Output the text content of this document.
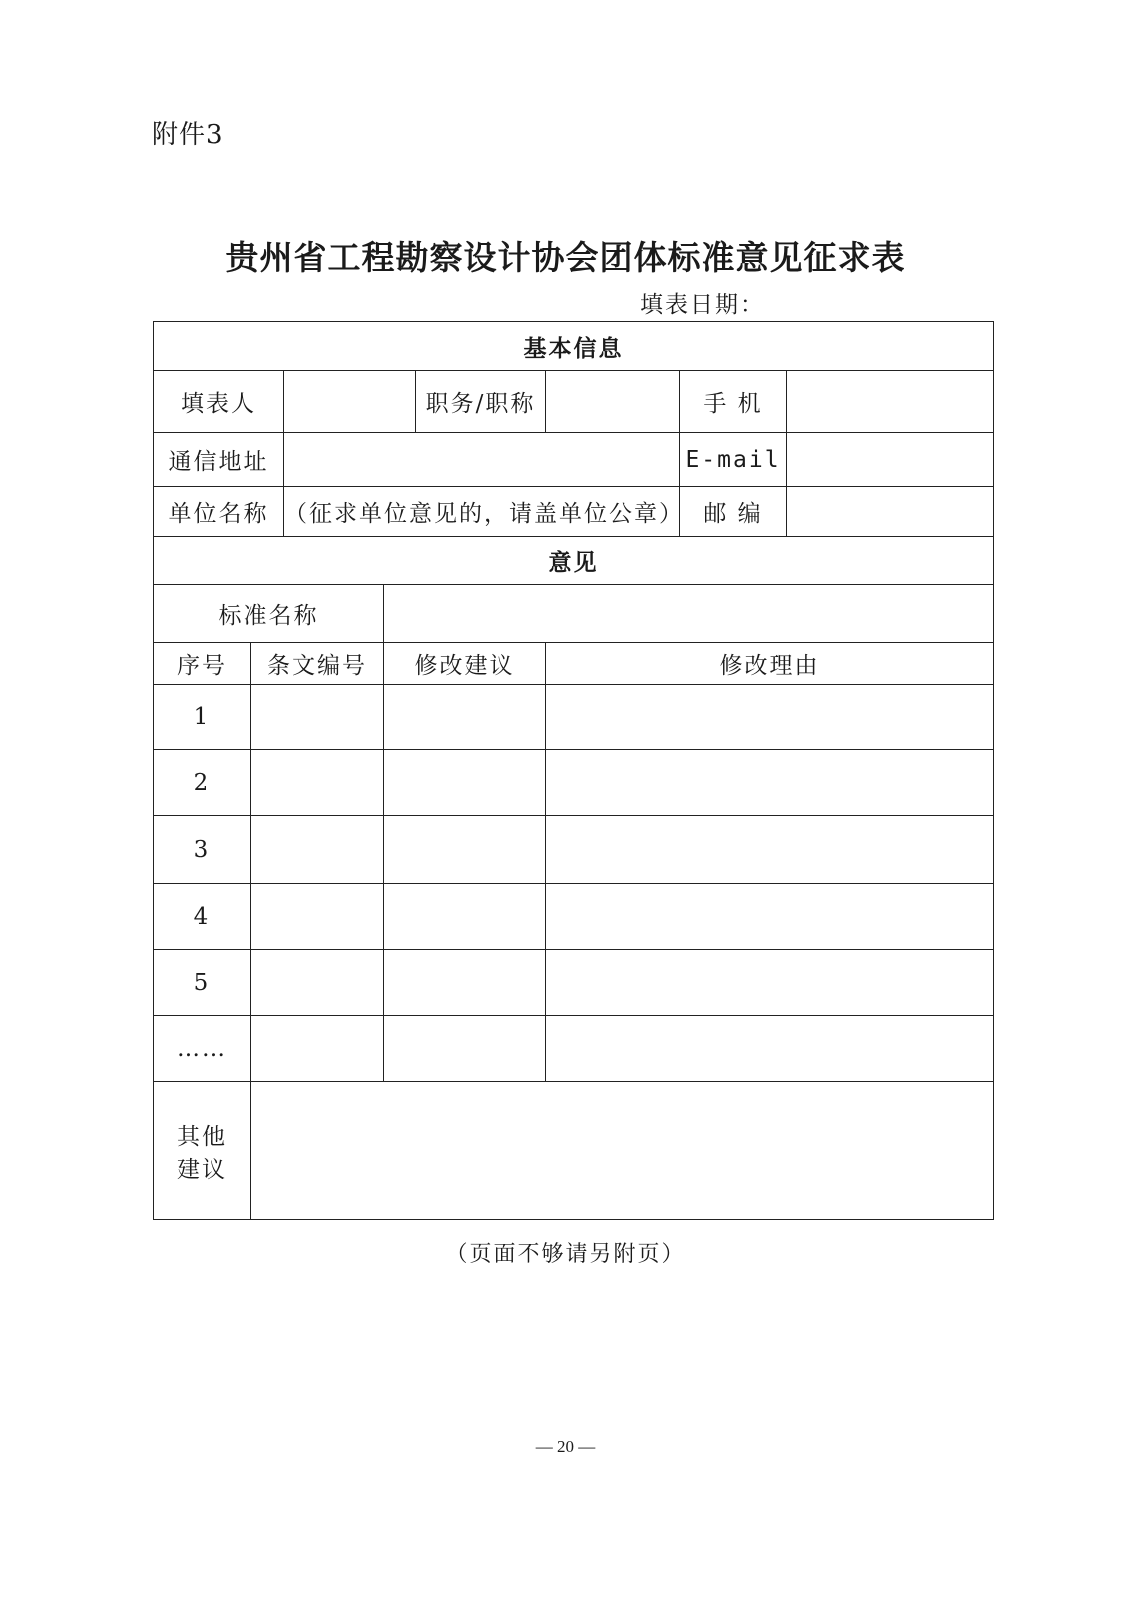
附件3
贵州省工程勘察设计协会团体标准意见征求表
填表日期：
基本信息							
填表人				职务/职称		手 机	
通信地址						E-mail	
单位名称		（征求单位意见的，请盖单位公章）				邮 编	
意见							
标准名称							
序号	条文编号		修改建议		修改理由		
1							
2							
3							
4							
5							
……							

其他
建议							

（页面不够请另附页）
— 20 —
